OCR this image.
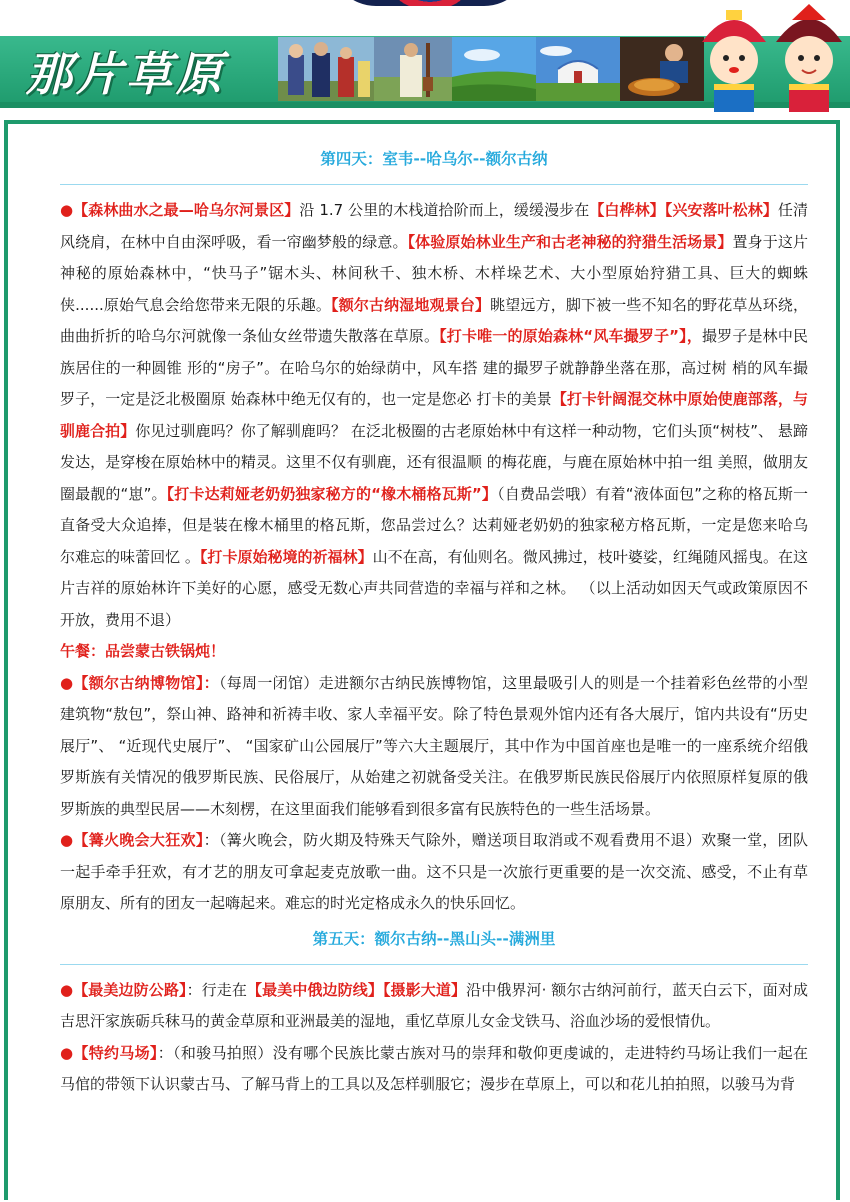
那片草原
第四天：室韦--哈乌尔--额尔古纳

●【森林曲水之最—哈乌尔河景区】沿 1.7 公里的木栈道拾阶而上，缓缓漫步在【白桦林】【兴安落叶松林】任清风绕肩，在林中自由深呼吸，看一帘幽梦般的绿意。【体验原始林业生产和古老神秘的狩猎生活场景】置身于这片神秘的原始森林中，“快马子”锯木头、林间秋千、独木桥、木样垛艺术、大小型原始狩猎工具、巨大的蜘蛛侠......原始气息会给您带来无限的乐趣。【额尔古纳湿地观景台】眺望远方，脚下被一些不知名的野花草丛环绕，曲曲折折的哈乌尔河就像一条仙女丝带遗失散落在草原。【打卡唯一的原始森林“风车撮罗子”】，撮罗子是林中民族居住的一种圆锥 形的“房子”。在哈乌尔的始绿荫中，风车搭 建的撮罗子就静静坐落在那，高过树 梢的风车撮罗子，一定是泛北极圈原 始森林中绝无仅有的，也一定是您必 打卡的美景【打卡针阔混交林中原始使鹿部落，与驯鹿合拍】你见过驯鹿吗？你了解驯鹿吗？ 在泛北极圈的古老原始林中有这样一种动物，它们头顶“树枝”、 悬蹄发达，是穿梭在原始林中的精灵。这里不仅有驯鹿，还有很温顺 的梅花鹿，与鹿在原始林中拍一组 美照，做朋友圈最靓的“崽”。【打卡达莉娅老奶奶独家秘方的“橡木桶格瓦斯”】（自费品尝哦）有着“液体面包”之称的格瓦斯一直备受大众追捧，但是装在橡木桶里的格瓦斯，您品尝过么？达莉娅老奶奶的独家秘方格瓦斯，一定是您来哈乌尔难忘的味蕾回忆 。【打卡原始秘境的祈福林】山不在高，有仙则名。微风拂过，枝叶婆娑，红绳随风摇曳。在这片吉祥的原始林许下美好的心愿，感受无数心声共同营造的幸福与祥和之林。 （以上活动如因天气或政策原因不开放，费用不退）

午餐：品尝蒙古铁锅炖！

●【额尔古纳博物馆】：（每周一闭馆）走进额尔古纳民族博物馆，这里最吸引人的则是一个挂着彩色丝带的小型建筑物“敖包”，祭山神、路神和祈祷丰收、家人幸福平安。除了特色景观外馆内还有各大展厅，馆内共设有“历史展厅”、 “近现代史展厅”、 “国家矿山公园展厅”等六大主题展厅，其中作为中国首座也是唯一的一座系统介绍俄罗斯族有关情况的俄罗斯民族、民俗展厅，从始建之初就备受关注。在俄罗斯民族民俗展厅内依照原样复原的俄罗斯族的典型民居——木刻楞，在这里面我们能够看到很多富有民族特色的一些生活场景。

●【篝火晚会大狂欢】：（篝火晚会，防火期及特殊天气除外，赠送项目取消或不观看费用不退）欢聚一堂，团队一起手牵手狂欢，有才艺的朋友可拿起麦克放歌一曲。这不只是一次旅行更重要的是一次交流、感受，不止有草原朋友、所有的团友一起嗨起来。难忘的时光定格成永久的快乐回忆。

第五天：额尔古纳--黑山头--满洲里

●【最美边防公路】：行走在【最美中俄边防线】【摄影大道】沿中俄界河· 额尔古纳河前行，蓝天白云下，面对成吉思汗家族砺兵秣马的黄金草原和亚洲最美的湿地，重忆草原儿女金戈铁马、浴血沙场的爱恨情仇。

●【特约马场】：（和骏马拍照）没有哪个民族比蒙古族对马的崇拜和敬仰更虔诚的，走进特约马场让我们一起在马倌的带领下认识蒙古马、了解马背上的工具以及怎样驯服它；漫步在草原上，可以和花儿拍拍照，以骏马为背
